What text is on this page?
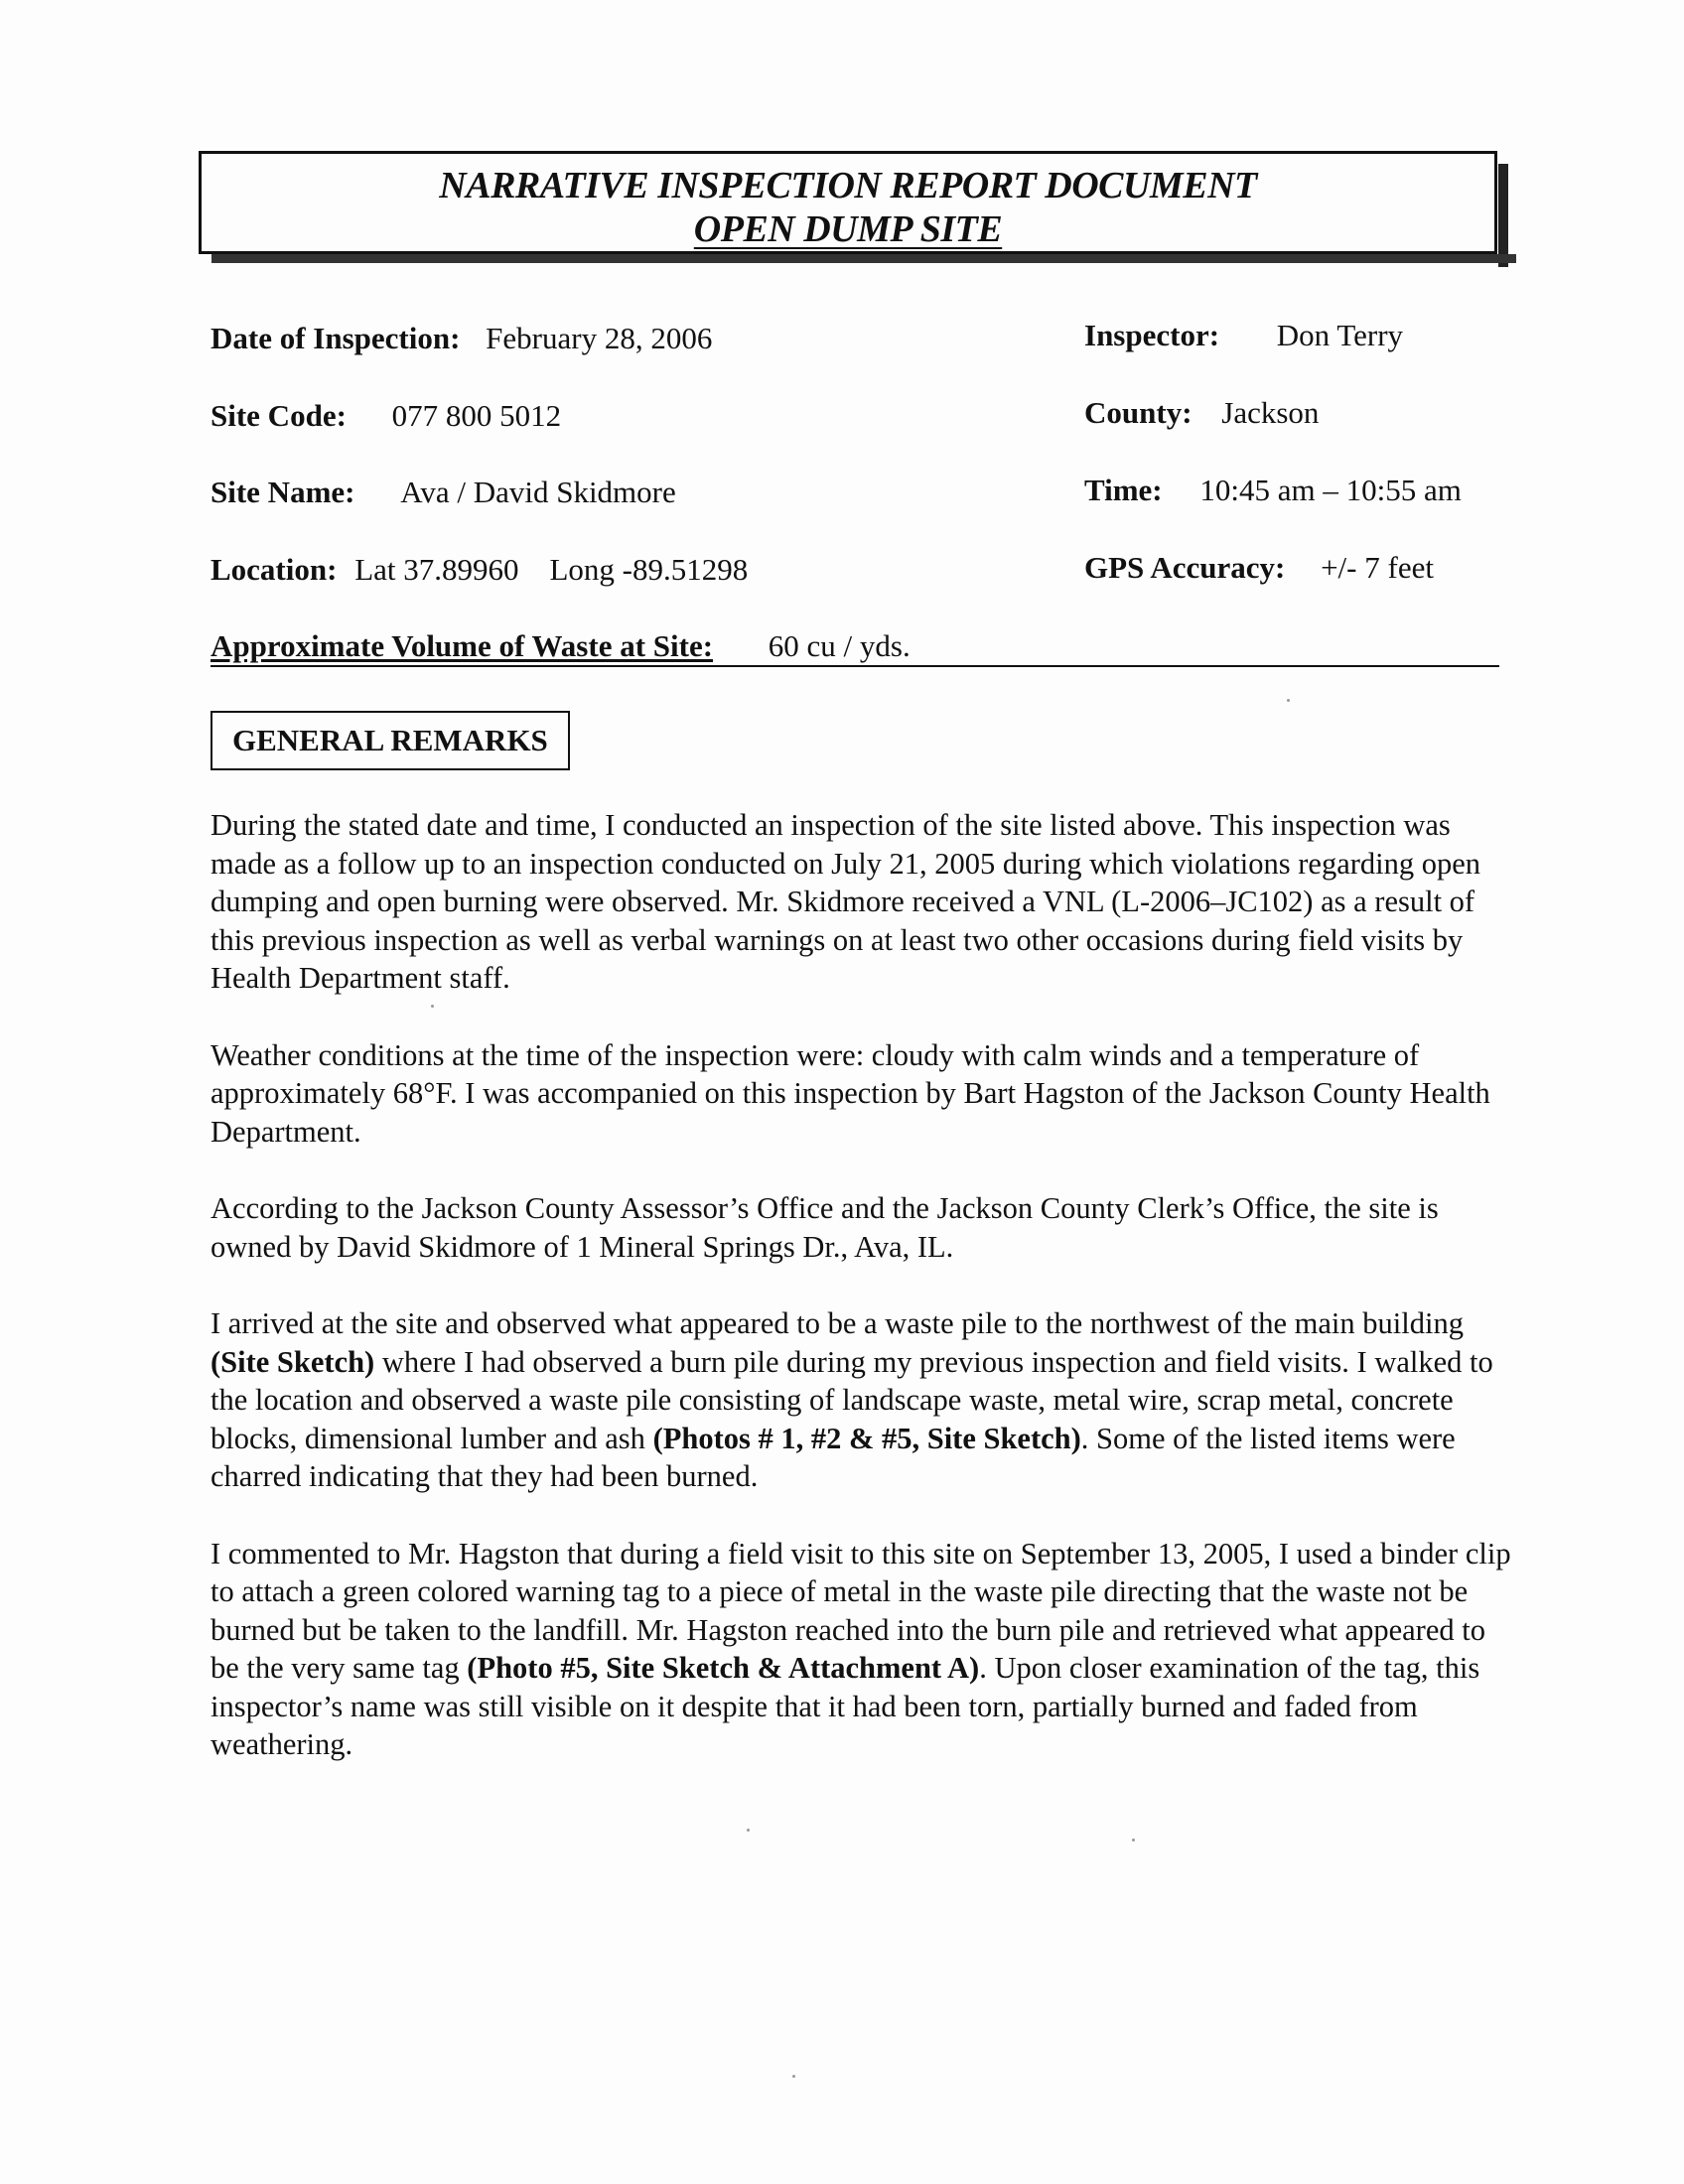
NARRATIVE INSPECTION REPORT DOCUMENT
OPEN DUMP SITE
Date of Inspection: February 28, 2006
Site Code: 077 800 5012
Site Name: Ava / David Skidmore
Location: Lat 37.89960    Long -89.51298
Inspector: Don Terry
County: Jackson
Time: 10:45 am – 10:55 am
GPS Accuracy: +/- 7 feet
Approximate Volume of Waste at Site: 60 cu / yds.
GENERAL REMARKS

During the stated date and time, I conducted an inspection of the site listed above. This inspection was made as a follow up to an inspection conducted on July 21, 2005 during which violations regarding open dumping and open burning were observed. Mr. Skidmore received a VNL (L-2006–JC102) as a result of this previous inspection as well as verbal warnings on at least two other occasions during field visits by Health Department staff.

Weather conditions at the time of the inspection were: cloudy with calm winds and a temperature of approximately 68°F. I was accompanied on this inspection by Bart Hagston of the Jackson County Health Department.

According to the Jackson County Assessor’s Office and the Jackson County Clerk’s Office, the site is owned by David Skidmore of 1 Mineral Springs Dr., Ava, IL.

I arrived at the site and observed what appeared to be a waste pile to the northwest of the main building (Site Sketch) where I had observed a burn pile during my previous inspection and field visits. I walked to the location and observed a waste pile consisting of landscape waste, metal wire, scrap metal, concrete blocks, dimensional lumber and ash (Photos # 1, #2 & #5, Site Sketch). Some of the listed items were charred indicating that they had been burned.

I commented to Mr. Hagston that during a field visit to this site on September 13, 2005, I used a binder clip to attach a green colored warning tag to a piece of metal in the waste pile directing that the waste not be burned but be taken to the landfill. Mr. Hagston reached into the burn pile and retrieved what appeared to be the very same tag (Photo #5, Site Sketch & Attachment A). Upon closer examination of the tag, this inspector’s name was still visible on it despite that it had been torn, partially burned and faded from weathering.
